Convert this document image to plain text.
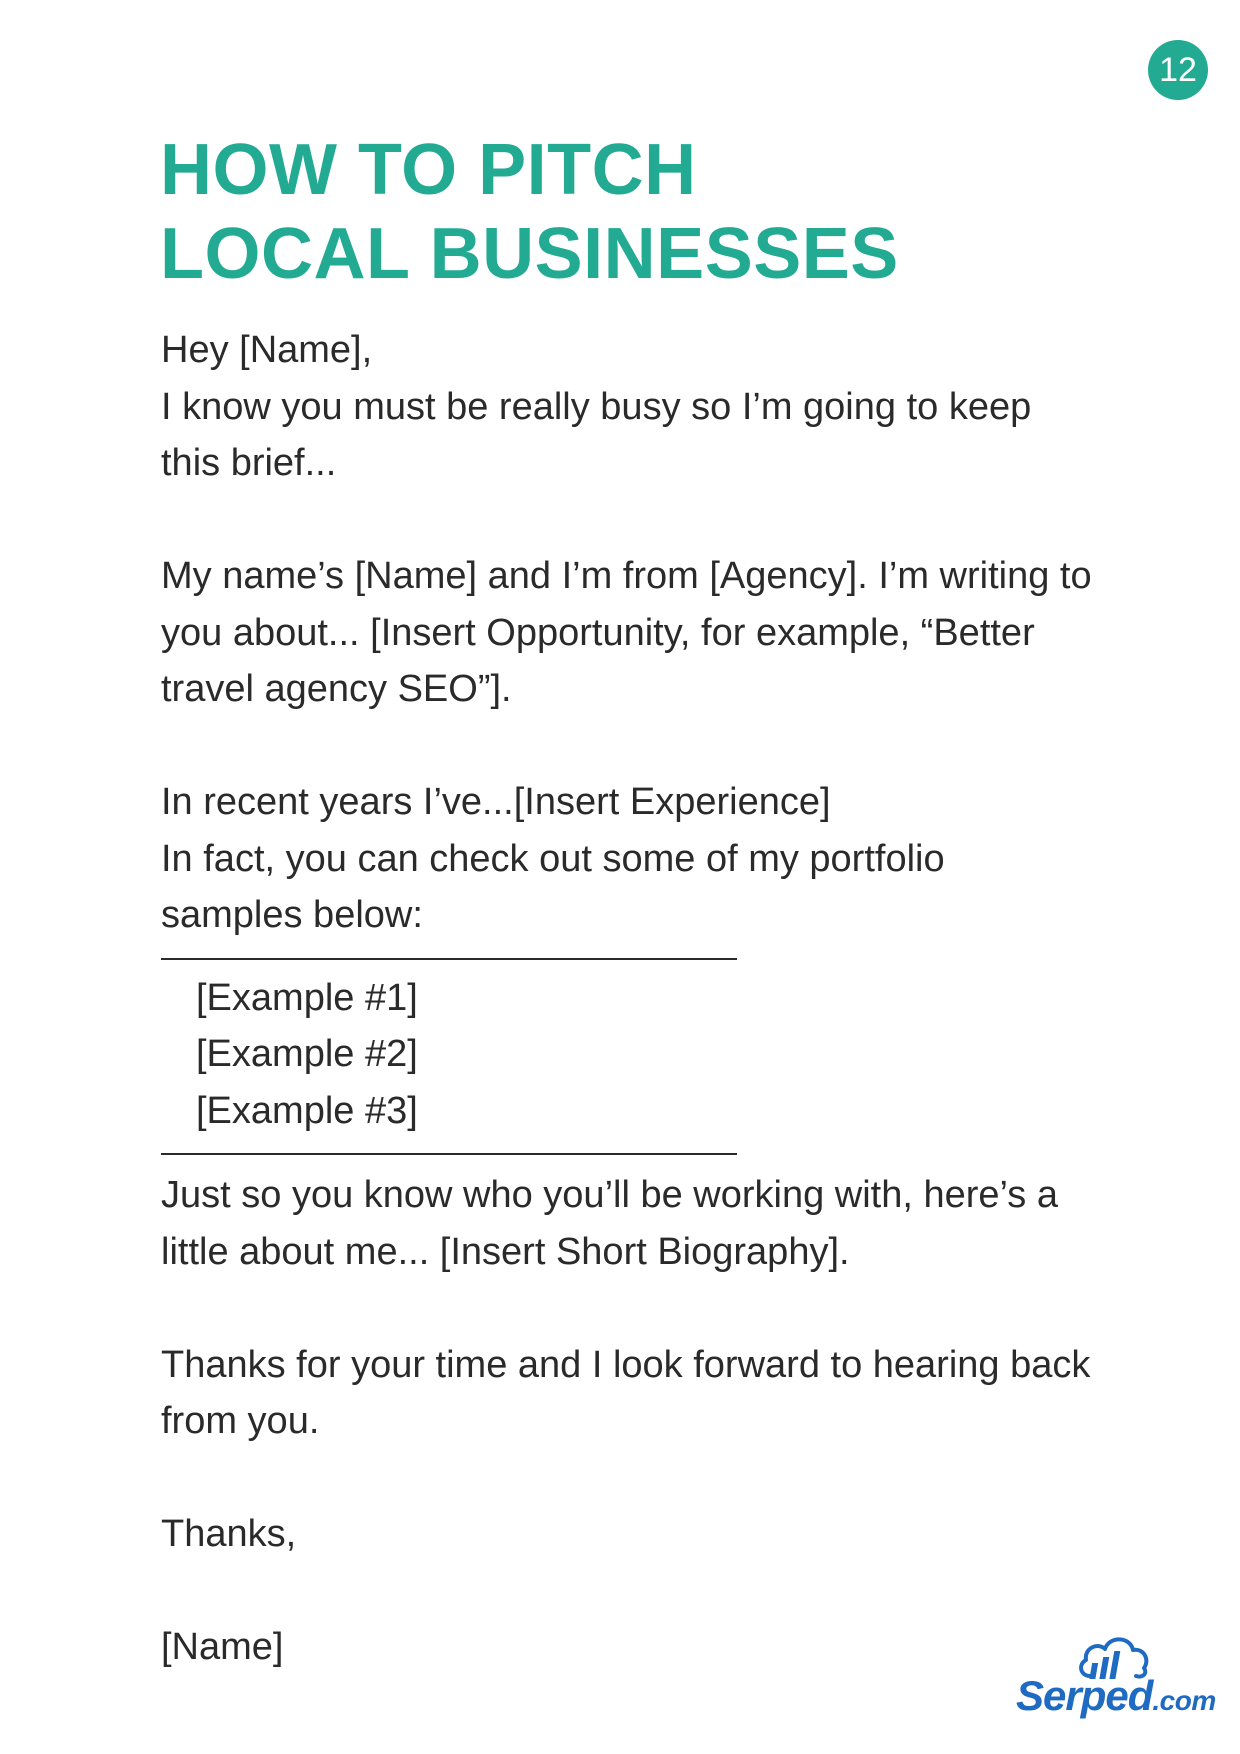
12
HOW TO PITCH
LOCAL BUSINESSES
Hey [Name],
I know you must be really busy so I’m going to keep
this brief...
My name’s [Name] and I’m from [Agency]. I’m writing to
you about... [Insert Opportunity, for example, “Better
travel agency SEO”].
In recent years I’ve...[Insert Experience]
In fact, you can check out some of my portfolio
samples below:
[Example #1]
[Example #2]
[Example #3]
Just so you know who you’ll be working with, here’s a
little about me... [Insert Short Biography].
Thanks for your time and I look forward to hearing back
from you.
Thanks,
[Name]
Serped.com
